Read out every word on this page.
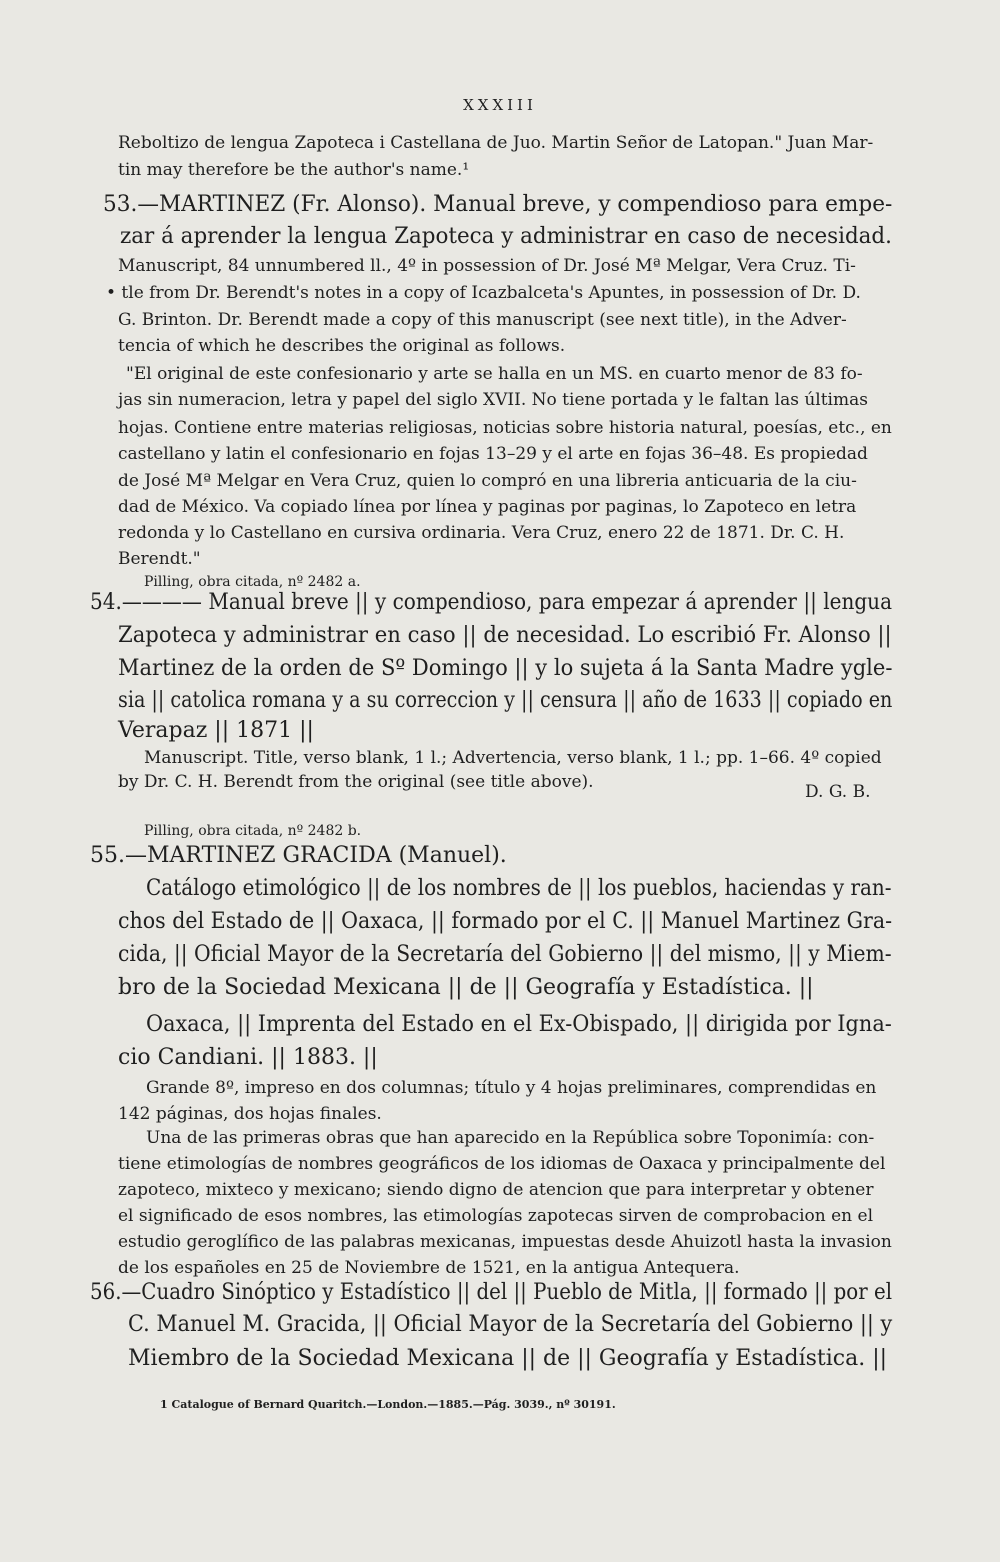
XXXIII
Reboltizo de lengua Zapoteca i Castellana de Juo. Martin Señor de Latopan." Juan Mar-
tin may therefore be the author's name.¹
53.—MARTINEZ (Fr. Alonso). Manual breve, y compendioso para empe-
zar á aprender la lengua Zapoteca y administrar en caso de necesidad.
Manuscript, 84 unnumbered ll., 4º in possession of Dr. José Mª Melgar, Vera Cruz. Ti-
• tle from Dr. Berendt's notes in a copy of Icazbalceta's Apuntes, in possession of Dr. D.
G. Brinton. Dr. Berendt made a copy of this manuscript (see next title), in the Adver-
tencia of which he describes the original as follows.
"El original de este confesionario y arte se halla en un MS. en cuarto menor de 83 fo-
jas sin numeracion, letra y papel del siglo XVII. No tiene portada y le faltan las últimas
hojas. Contiene entre materias religiosas, noticias sobre historia natural, poesías, etc., en
castellano y latin el confesionario en fojas 13–29 y el arte en fojas 36–48. Es propiedad
de José Mª Melgar en Vera Cruz, quien lo compró en una libreria anticuaria de la ciu-
dad de México. Va copiado línea por línea y paginas por paginas, lo Zapoteco en letra
redonda y lo Castellano en cursiva ordinaria. Vera Cruz, enero 22 de 1871. Dr. C. H.
Berendt."
Pilling, obra citada, nº 2482 a.
54.———— Manual breve || y compendioso, para empezar á aprender || lengua
Zapoteca y administrar en caso || de necesidad. Lo escribió Fr. Alonso ||
Martinez de la orden de Sº Domingo || y lo sujeta á la Santa Madre ygle-
sia || catolica romana y a su correccion y || censura || año de 1633 || copiado en
Verapaz || 1871 ||
Manuscript. Title, verso blank, 1 l.; Advertencia, verso blank, 1 l.; pp. 1–66. 4º copied
by Dr. C. H. Berendt from the original (see title above).	D. G. B.
Pilling, obra citada, nº 2482 b.
55.—MARTINEZ GRACIDA (Manuel).
Catálogo etimológico || de los nombres de || los pueblos, haciendas y ran-
chos del Estado de || Oaxaca, || formado por el C. || Manuel Martinez Gra-
cida, || Oficial Mayor de la Secretaría del Gobierno || del mismo, || y Miem-
bro de la Sociedad Mexicana || de || Geografía y Estadística. ||
Oaxaca, || Imprenta del Estado en el Ex-Obispado, || dirigida por Igna-
cio Candiani. || 1883. ||
Grande 8º, impreso en dos columnas; título y 4 hojas preliminares, comprendidas en
142 páginas, dos hojas finales.
Una de las primeras obras que han aparecido en la República sobre Toponimía: con-
tiene etimologías de nombres geográficos de los idiomas de Oaxaca y principalmente del
zapoteco, mixteco y mexicano; siendo digno de atencion que para interpretar y obtener
el significado de esos nombres, las etimologías zapotecas sirven de comprobacion en el
estudio geroglífico de las palabras mexicanas, impuestas desde Ahuizotl hasta la invasion
de los españoles en 25 de Noviembre de 1521, en la antigua Antequera.
56.—Cuadro Sinóptico y Estadístico || del || Pueblo de Mitla, || formado || por el
C. Manuel M. Gracida, || Oficial Mayor de la Secretaría del Gobierno || y
Miembro de la Sociedad Mexicana || de || Geografía y Estadística. ||
1 Catalogue of Bernard Quaritch.—London.—1885.—Pág. 3039., nº 30191.
